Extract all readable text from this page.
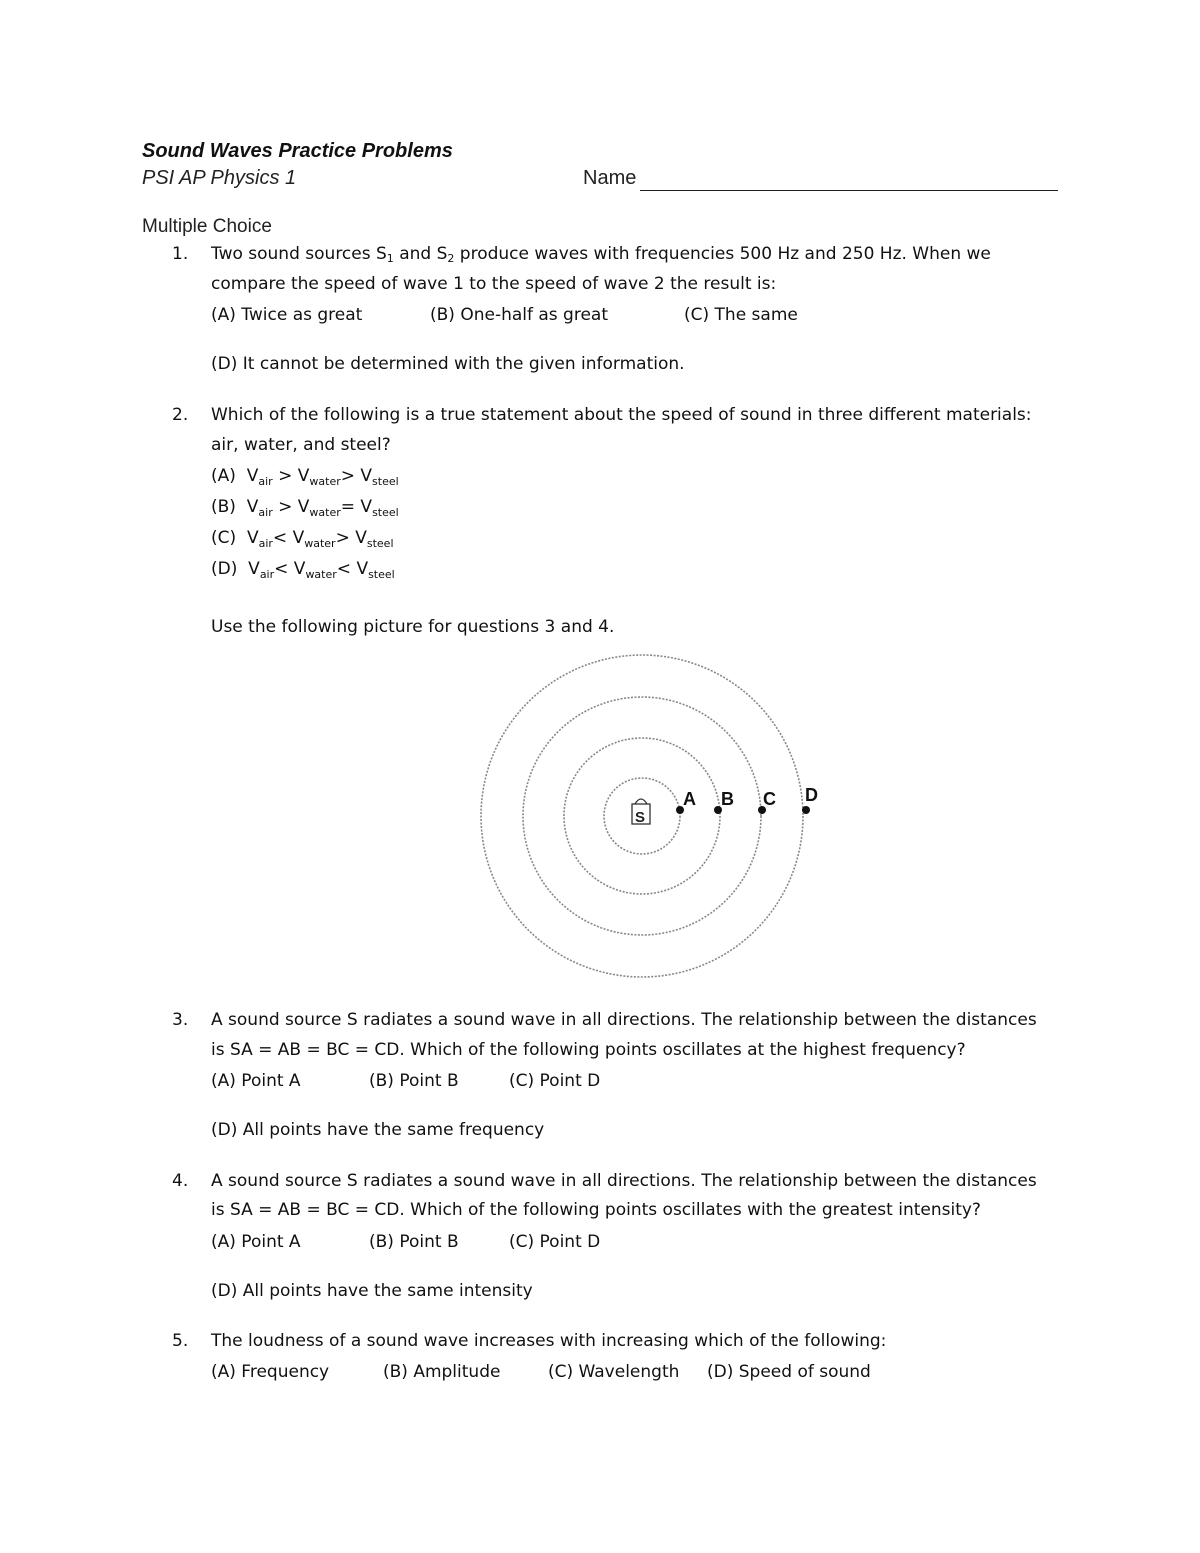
Sound Waves Practice Problems
PSI AP Physics 1	Name
Multiple Choice
1. Two sound sources $S_1$ and $S_2$ produce waves with frequencies 500 Hz and 250 Hz. When we
compare the speed of wave 1 to the speed of wave 2 the result is:
(A) Twice as great	(B) One-half as great	(C) The same
(D) It cannot be determined with the given information.
2. Which of the following is a true statement about the speed of sound in three different materials:
air, water, and steel?
(A) $V_{air} > V_{water}> V_{steel}$
(B) $V_{air} > V_{water}= V_{steel}$
(C) $V_{air}< V_{water}> V_{steel}$
(D) $V_{air}< V_{water}< V_{steel}$
Use the following picture for questions 3 and 4.
S
A B C D
3. A sound source S radiates a sound wave in all directions. The relationship between the distances
is SA = AB = BC = CD. Which of the following points oscillates at the highest frequency?
(A) Point A	(B) Point B	(C) Point D
(D) All points have the same frequency
4. A sound source S radiates a sound wave in all directions. The relationship between the distances
is SA = AB = BC = CD. Which of the following points oscillates with the greatest intensity?
(A) Point A	(B) Point B	(C) Point D
(D) All points have the same intensity
5. The loudness of a sound wave increases with increasing which of the following:
(A) Frequency	(B) Amplitude	(C) Wavelength (D) Speed of sound
